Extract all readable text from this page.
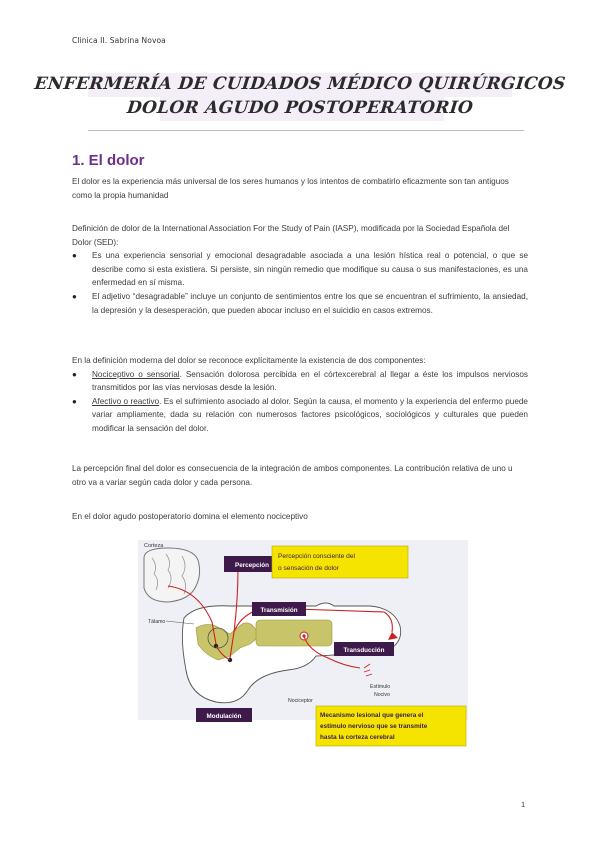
Clinica II. Sabrina Novoa
ENFERMERÍA DE CUIDADOS MÉDICO QUIRÚRGICOS
DOLOR AGUDO POSTOPERATORIO
1. El dolor
El dolor es la experiencia más universal de los seres humanos y los intentos de combatirlo eficazmente son tan antiguos como la propia humanidad
Definición de dolor de la International Association For the Study of Pain (IASP), modificada por la Sociedad Española del Dolor (SED):
● Es una experiencia sensorial y emocional desagradable asociada a una lesión hística real o potencial, o que se describe como si esta existiera. Si persiste, sin ningún remedio que modifique su causa o sus manifestaciones, es una enfermedad en sí misma.
● El adjetivo “desagradable” incluye un conjunto de sentimientos entre los que se encuentran el sufrimiento, la ansiedad, la depresión y la desesperación, que pueden abocar incluso en el suicidio en casos extremos.
En la definición moderna del dolor se reconoce explícitamente la existencia de dos componentes:
● Nociceptivo o sensorial. Sensación dolorosa percibida en el córtexcerebral al llegar a éste los impulsos nerviosos transmitidos por las vías nerviosas desde la lesión.
● Afectivo o reactivo. Es el sufrimiento asociado al dolor. Según la causa, el momento y la experiencia del enfermo puede variar ampliamente, dada su relación con numerosos factores psicológicos, sociológicos y culturales que pueden modificar la sensación del dolor.
La percepción final del dolor es consecuencia de la integración de ambos componentes. La contribución relativa de uno u otro va a variar según cada dolor y cada persona.
En el dolor agudo postoperatorio domina el elemento nociceptivo
Corteza
Percepción
Transmisión
Transducción
Modulación
Percepción consciente del
o sensación de dolor
Mecanismo lesional que genera el
estímulo nervioso que se transmite
hasta la corteza cerebral
Tálamo
Nociceptor
Estímulo
Nocivo
1
